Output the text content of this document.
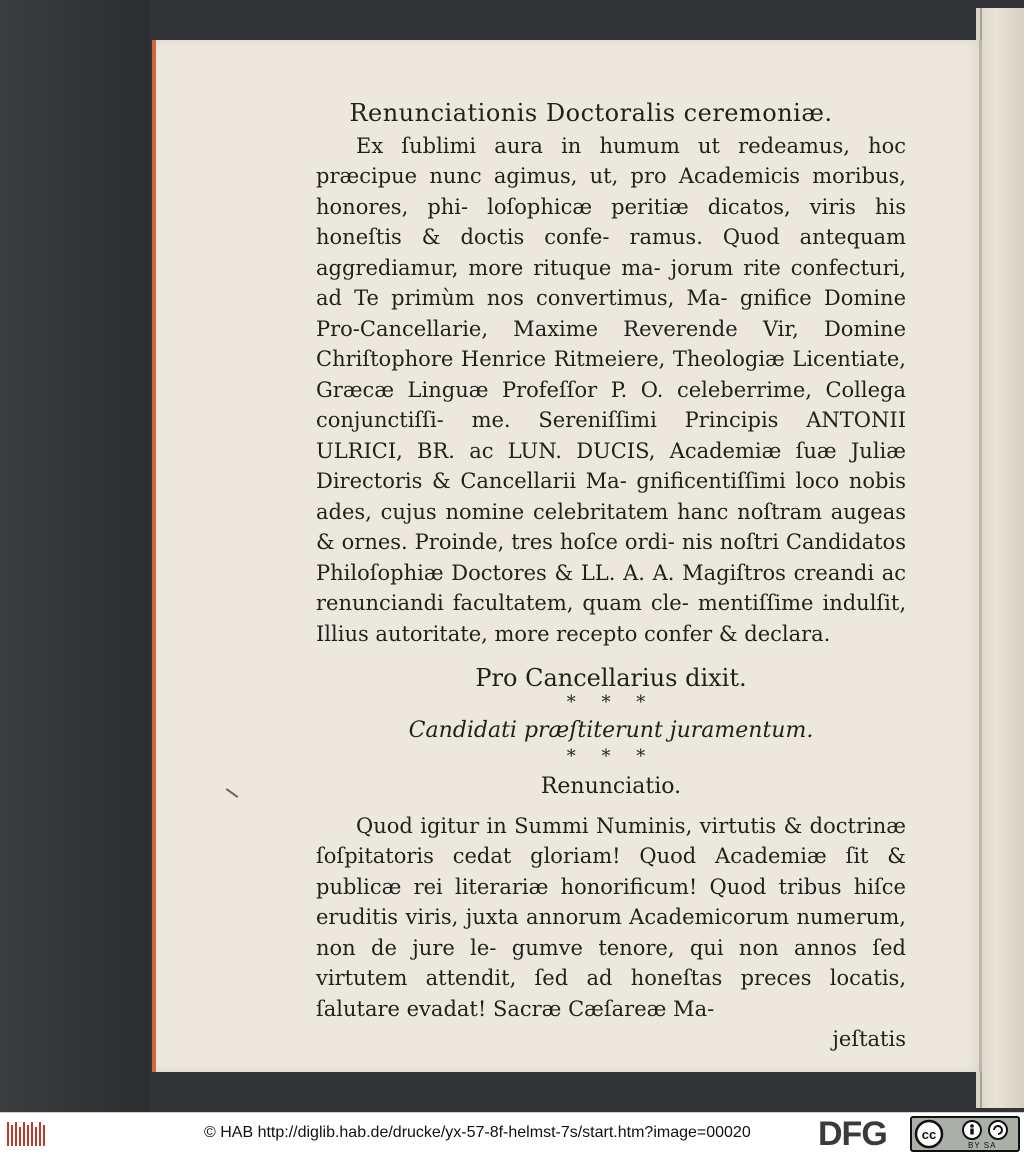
Renunciationis Doctoralis ceremoniæ.

Ex ſublimi aura in humum ut redeamus, hoc præcipue nunc agimus, ut, pro Academicis moribus, honores, phi- loſophicæ peritiæ dicatos, viris his honeſtis & doctis confe- ramus. Quod antequam aggrediamur, more rituque ma- jorum rite confecturi, ad Te primùm nos convertimus, Ma- gnifice Domine Pro-Cancellarie, Maxime Reverende Vir, Domine Chriſtophore Henrice Ritmeiere, Theologiæ Licentiate, Græcæ Linguæ Profeſſor P. O. celeberrime, Collega conjunctiſſi- me. Sereniſſimi Principis ANTONII ULRICI, BR. ac LUN. DUCIS, Academiæ ſuæ Juliæ Directoris & Cancellarii Ma- gnificentiſſimi loco nobis ades, cujus nomine celebritatem hanc noſtram augeas & ornes. Proinde, tres hoſce ordi- nis noſtri Candidatos Philoſophiæ Doctores & LL. A. A. Magiſtros creandi ac renunciandi facultatem, quam cle- mentiſſime indulſit, Illius autoritate, more recepto confer & declara.

Pro Cancellarius dixit.
* * *
Candidati præſtiterunt juramentum.
* * *
Renunciatio.

Quod igitur in Summi Numinis, virtutis & doctrinæ ſoſpitatoris cedat gloriam! Quod Academiæ ſit & publicæ rei literariæ honorificum! Quod tribus hiſce eruditis viris, juxta annorum Academicorum numerum, non de jure le- gumve tenore, qui non annos ſed virtutem attendit, ſed ad honeſtas preces locatis, ſalutare evadat! Sacræ Cæſareæ Ma-

jeſtatis
© HAB http://diglib.hab.de/drucke/yx-57-8f-helmst-7s/start.htm?image=00020 DFG	cc
BY SA
